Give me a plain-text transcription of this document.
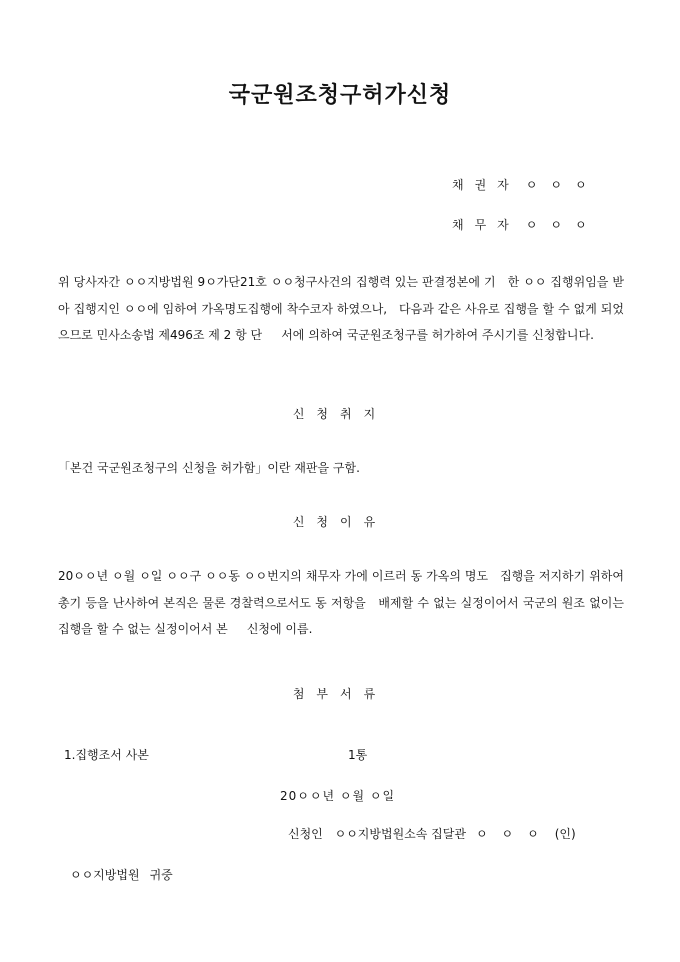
국군원조청구허가신청
채권자 ㅇㅇㅇ
채무자 ㅇㅇㅇ

위 당사자간 ㅇㅇ지방법원 9ㅇ가단21호 ㅇㅇ청구사건의 집행력 있는 판결정본에 기   한 ㅇㅇ 집행위임을 받아 집행지인 ㅇㅇ에 임하여 가옥명도집행에 착수코자 하였으나,   다음과 같은 사유로 집행을 할 수 없게 되었으므로 민사소송법 제496조 제 2 항 단     서에 의하여 국군원조청구를 허가하여 주시기를 신청합니다.

신청취지
「본건 국군원조청구의 신청을 허가함」이란 재판을 구함.
신청이유

20ㅇㅇ년 ㅇ월 ㅇ일 ㅇㅇ구 ㅇㅇ동 ㅇㅇ번지의 채무자 가에 이르러 동 가옥의 명도   집행을 저지하기 위하여 총기 등을 난사하여 본직은 물론 경찰력으로서도 동 저항을   배제할 수 없는 실정이어서 국군의 원조 없이는 집행을 할 수 없는 실정이어서 본     신청에 이름.

첨부서류
1.집행조서 사본	1통
20ㅇㅇ년 ㅇ월 ㅇ일
신청인 ㅇㅇ지방법원소속 집달관 ㅇㅇㅇ (인)
ㅇㅇ지방법원 귀중
